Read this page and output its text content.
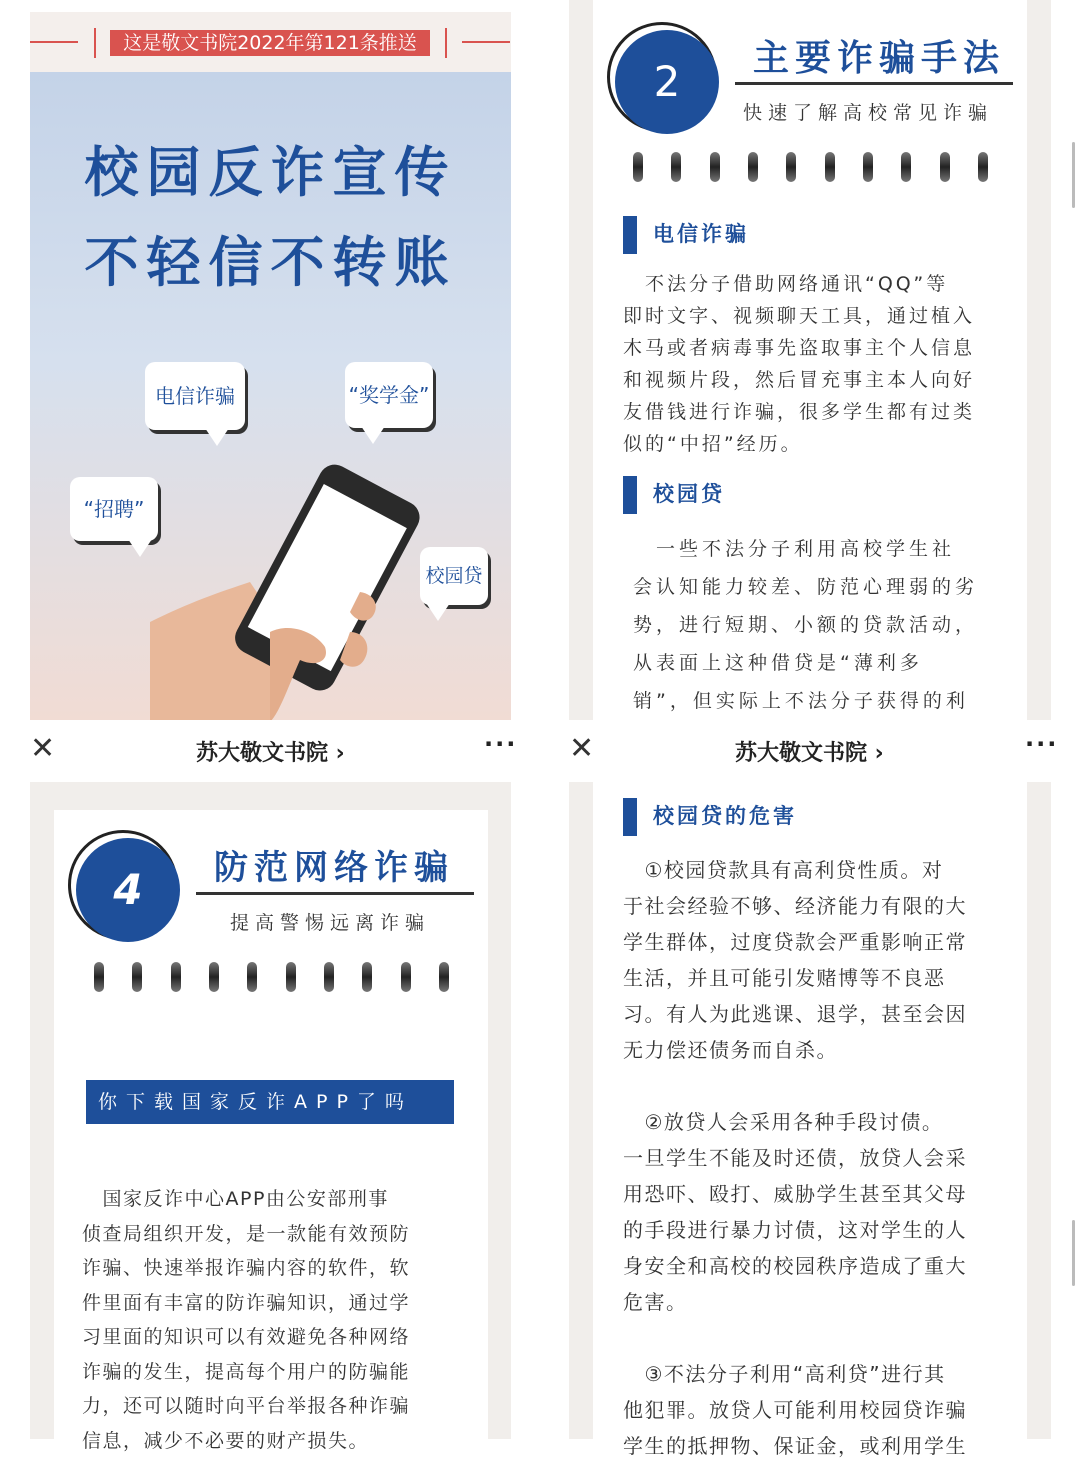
这是敬文书院2022年第121条推送
校园反诈宣传
不轻信不转账
电信诈骗	“奖学金”
“招聘”
校园贷
2	主要诈骗手法
快速了解高校常见诈骗
电信诈骗
　不法分子借助网络通讯“QQ”等
即时文字、视频聊天工具，通过植入
木马或者病毒事先盗取事主个人信息
和视频片段，然后冒充事主本人向好
友借钱进行诈骗，很多学生都有过类
似的“中招”经历。
校园贷
　一些不法分子利用高校学生社
会认知能力较差、防范心理弱的劣
势，进行短期、小额的贷款活动，
从表面上这种借贷是“薄利多
销”，但实际上不法分子获得的利
✕	苏大敬文书院 ›	··· ✕	苏大敬文书院 ›	···
4	防范网络诈骗
提高警惕远离诈骗
你下载国家反诈APP了吗
　国家反诈中心APP由公安部刑事
侦查局组织开发，是一款能有效预防
诈骗、快速举报诈骗内容的软件，软
件里面有丰富的防诈骗知识，通过学
习里面的知识可以有效避免各种网络
诈骗的发生，提高每个用户的防骗能
力，还可以随时向平台举报各种诈骗
信息，减少不必要的财产损失。
校园贷的危害
　①校园贷款具有高利贷性质。对
于社会经验不够、经济能力有限的大
学生群体，过度贷款会严重影响正常
生活，并且可能引发赌博等不良恶
习。有人为此逃课、退学，甚至会因
无力偿还债务而自杀。
　②放贷人会采用各种手段讨债。
一旦学生不能及时还债，放贷人会采
用恐吓、殴打、威胁学生甚至其父母
的手段进行暴力讨债，这对学生的人
身安全和高校的校园秩序造成了重大
危害。
　③不法分子利用“高利贷”进行其
他犯罪。放贷人可能利用校园贷诈骗
学生的抵押物、保证金，或利用学生
